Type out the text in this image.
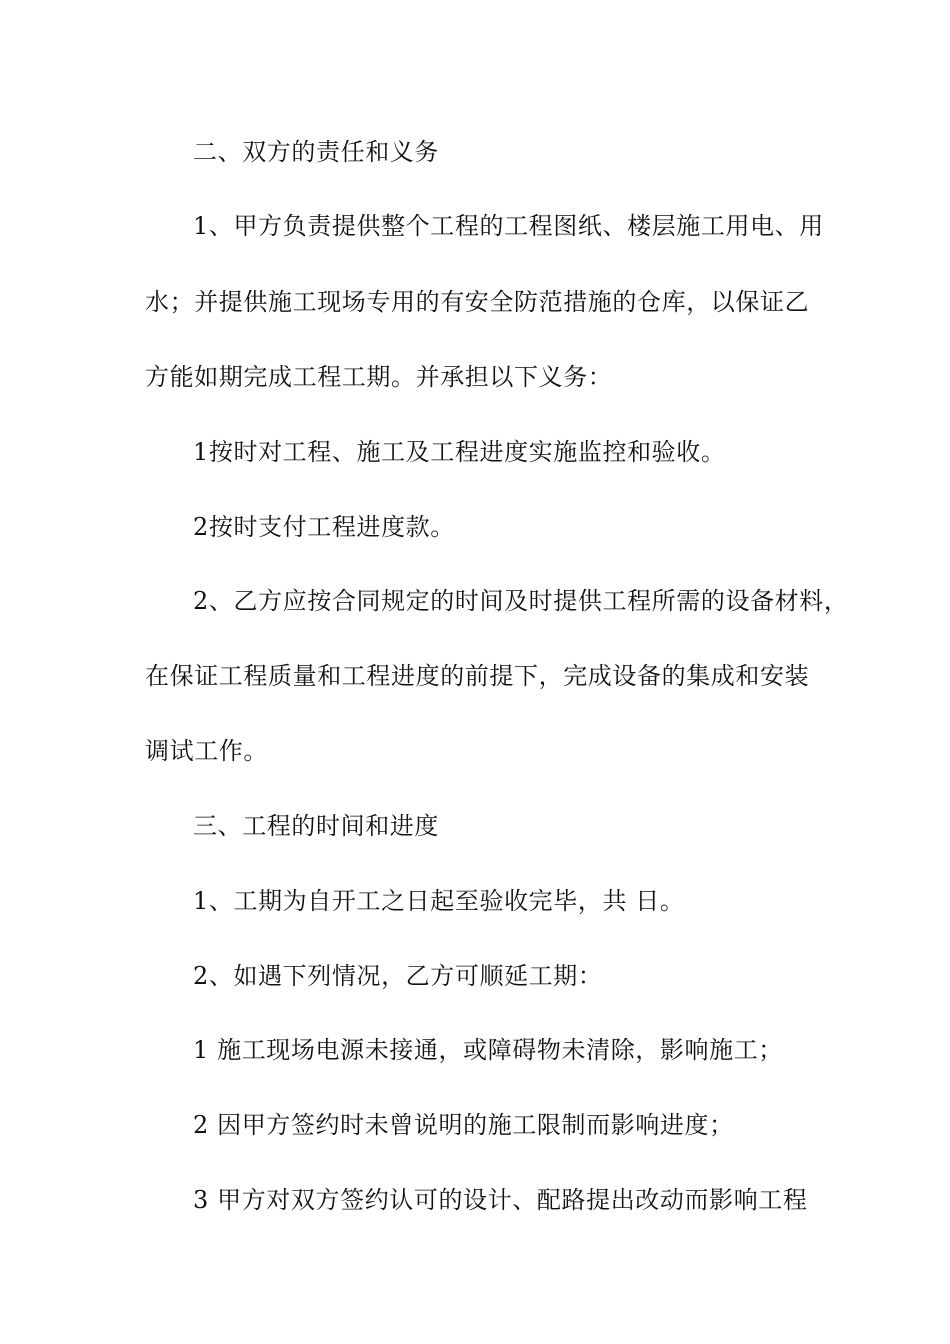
二、双方的责任和义务
1、甲方负责提供整个工程的工程图纸、楼层施工用电、用
水；并提供施工现场专用的有安全防范措施的仓库，以保证乙
方能如期完成工程工期。并承担以下义务：
1按时对工程、施工及工程进度实施监控和验收。
2按时支付工程进度款。
2、乙方应按合同规定的时间及时提供工程所需的设备材料，
在保证工程质量和工程进度的前提下，完成设备的集成和安装
调试工作。
三、工程的时间和进度
1、工期为自开工之日起至验收完毕，共 日。
2、如遇下列情况，乙方可顺延工期：
1 施工现场电源未接通，或障碍物未清除，影响施工；
2 因甲方签约时未曾说明的施工限制而影响进度；
3 甲方对双方签约认可的设计、配路提出改动而影响工程
